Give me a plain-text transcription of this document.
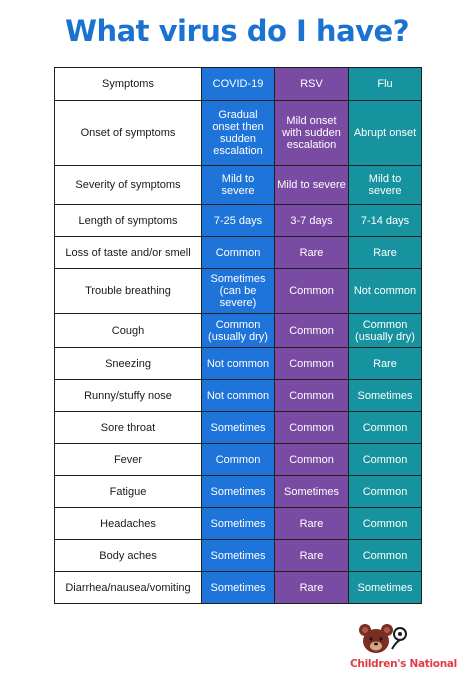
What virus do I have?
Symptoms	COVID-19	RSV	Flu
Onset of symptoms	Gradual onset then sudden escalation	Mild onset with sudden escalation	Abrupt onset
Severity of symptoms	Mild to severe	Mild to severe	Mild to severe
Length of symptoms	7-25 days	3-7 days	7-14 days
Loss of taste and/or smell	Common	Rare	Rare
Trouble breathing	Sometimes (can be severe)	Common	Not common
Cough	Common (usually dry)	Common	Common (usually dry)
Sneezing	Not common	Common	Rare
Runny/stuffy nose	Not common	Common	Sometimes
Sore throat	Sometimes	Common	Common
Fever	Common	Common	Common
Fatigue	Sometimes	Sometimes	Common
Headaches	Sometimes	Rare	Common
Body aches	Sometimes	Rare	Common
Diarrhea/nausea/vomiting	Sometimes	Rare	Sometimes
Children's National
